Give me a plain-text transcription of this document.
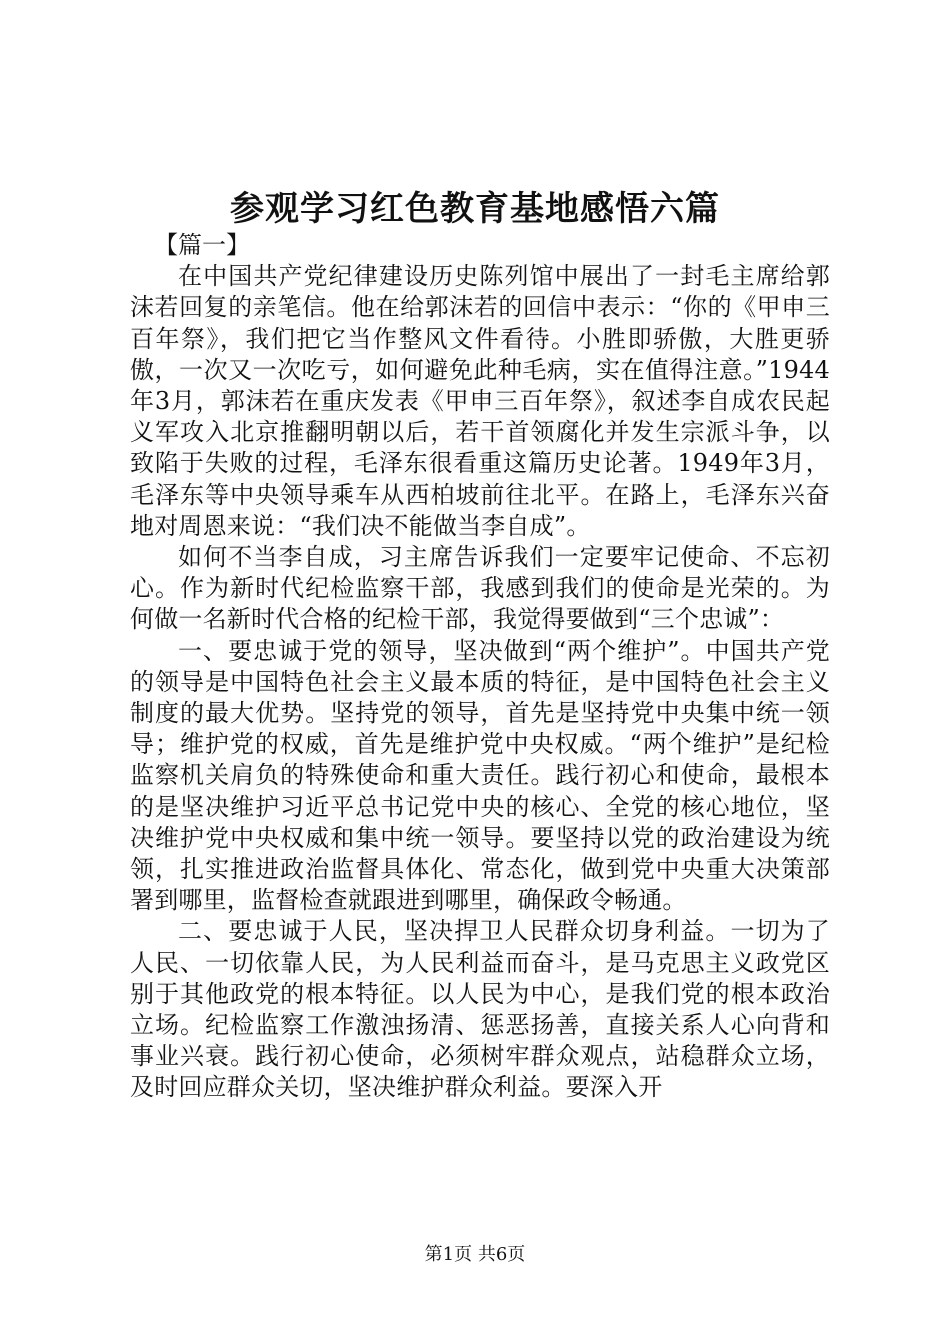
参观学习红色教育基地感悟六篇

【篇一】

在中国共产党纪律建设历史陈列馆中展出了一封毛主席给郭沫若回复的亲笔信。他在给郭沫若的回信中表示：“你的《甲申三百年祭》，我们把它当作整风文件看待。小胜即骄傲，大胜更骄傲，一次又一次吃亏，如何避免此种毛病，实在值得注意。”1944年3月，郭沫若在重庆发表《甲申三百年祭》，叙述李自成农民起义军攻入北京推翻明朝以后，若干首领腐化并发生宗派斗争，以致陷于失败的过程，毛泽东很看重这篇历史论著。1949年3月，毛泽东等中央领导乘车从西柏坡前往北平。在路上，毛泽东兴奋地对周恩来说：“我们决不能做当李自成”。

如何不当李自成，习主席告诉我们一定要牢记使命、不忘初心。作为新时代纪检监察干部，我感到我们的使命是光荣的。为何做一名新时代合格的纪检干部，我觉得要做到“三个忠诚”：

一、要忠诚于党的领导，坚决做到“两个维护”。中国共产党的领导是中国特色社会主义最本质的特征，是中国特色社会主义制度的最大优势。坚持党的领导，首先是坚持党中央集中统一领导；维护党的权威，首先是维护党中央权威。“两个维护”是纪检监察机关肩负的特殊使命和重大责任。践行初心和使命，最根本的是坚决维护习近平总书记党中央的核心、全党的核心地位，坚决维护党中央权威和集中统一领导。要坚持以党的政治建设为统领，扎实推进政治监督具体化、常态化，做到党中央重大决策部署到哪里，监督检查就跟进到哪里，确保政令畅通。

二、要忠诚于人民，坚决捍卫人民群众切身利益。一切为了人民、一切依靠人民，为人民利益而奋斗，是马克思主义政党区别于其他政党的根本特征。以人民为中心，是我们党的根本政治立场。纪检监察工作激浊扬清、惩恶扬善，直接关系人心向背和事业兴衰。践行初心使命，必须树牢群众观点，站稳群众立场，及时回应群众关切，坚决维护群众利益。要深入开

第1页 共6页
